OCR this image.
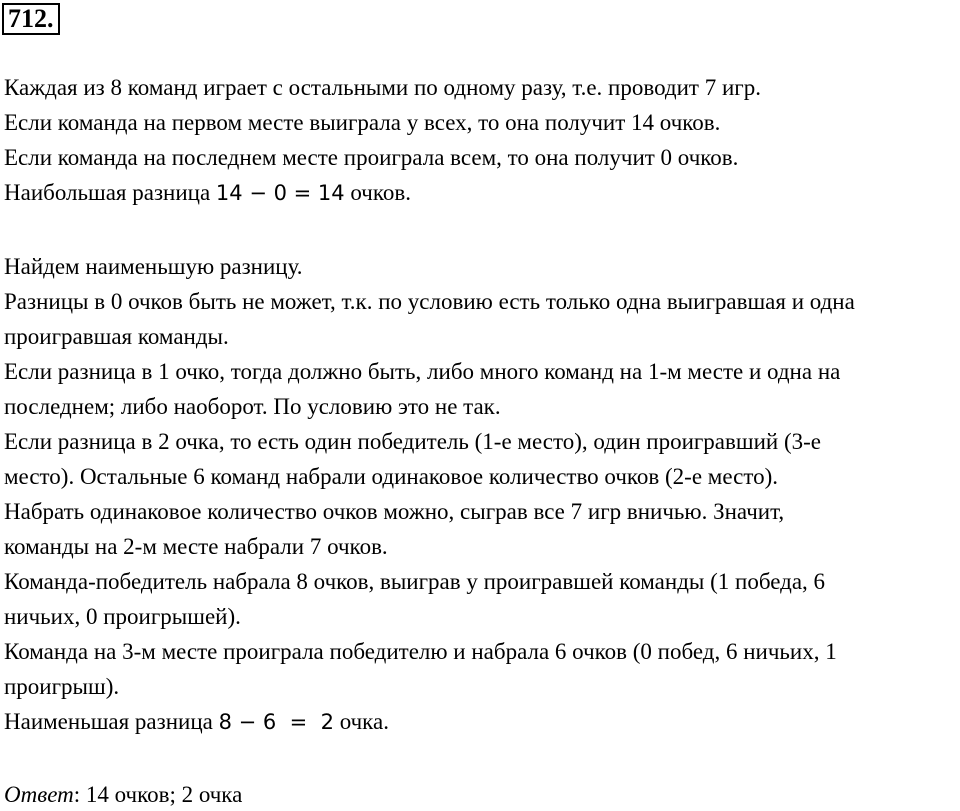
712.
Каждая из 8 команд играет с остальными по одному разу, т.е. проводит 7 игр.
Если команда на первом месте выиграла у всех, то она получит 14 очков.
Если команда на последнем месте проиграла всем, то она получит 0 очков.
Наибольшая разница 14 − 0 = 14 очков.
Найдем наименьшую разницу.
Разницы в 0 очков быть не может, т.к. по условию есть только одна выигравшая и одна
проигравшая команды.
Если разница в 1 очко, тогда должно быть, либо много команд на 1-м месте и одна на
последнем; либо наоборот. По условию это не так.
Если разница в 2 очка, то есть один победитель (1-е место), один проигравший (3-е
место). Остальные 6 команд набрали одинаковое количество очков (2-е место).
Набрать одинаковое количество очков можно, сыграв все 7 игр вничью. Значит,
команды на 2-м месте набрали 7 очков.
Команда-победитель набрала 8 очков, выиграв у проигравшей команды (1 победа, 6
ничьих, 0 проигрышей).
Команда на 3-м месте проиграла победителю и набрала 6 очков (0 побед, 6 ничьих, 1
проигрыш).
Наименьшая разница 8 − 6  =  2 очка.
Ответ: 14 очков; 2 очка
